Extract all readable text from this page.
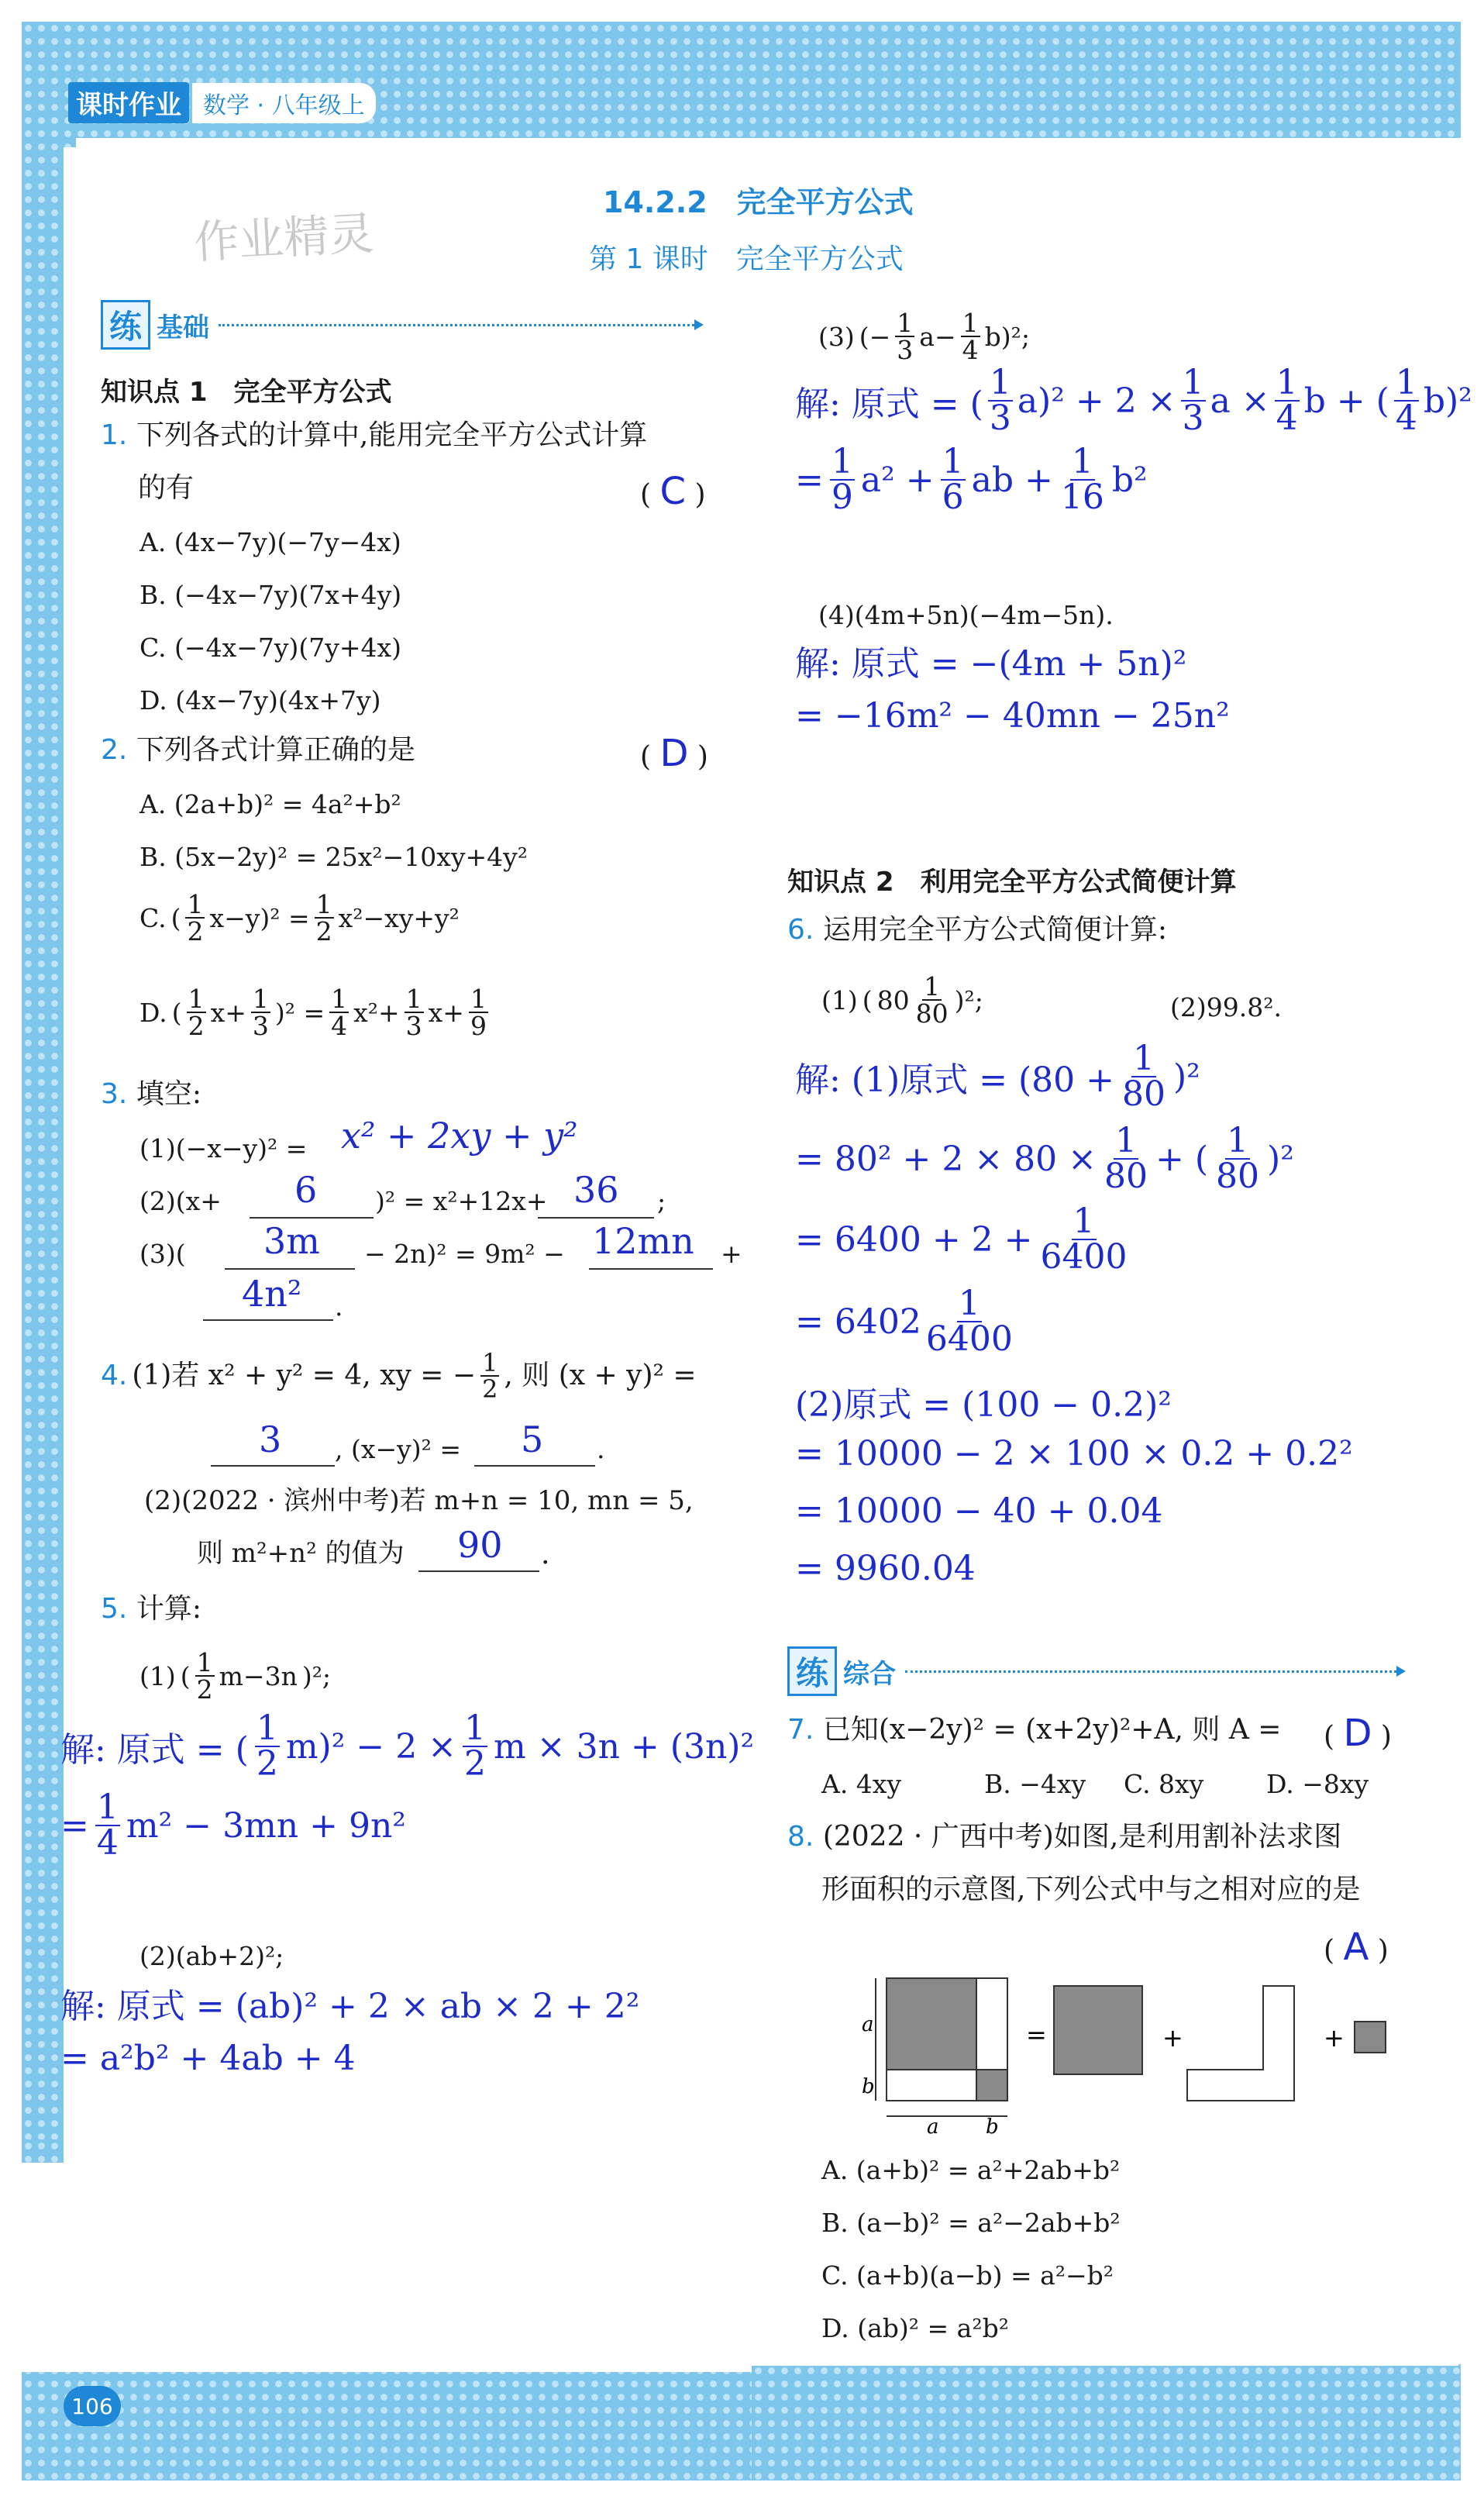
课时作业 数学 · 八年级上
作业精灵
14.2.2　完全平方公式
第 1 课时　完全平方公式
练 基础
知识点 1　完全平方公式
1. 下列各式的计算中,能用完全平方公式计算
的有	( C )
A. (4x−7y)(−7y−4x)
B. (−4x−7y)(7x+4y)
C. (−4x−7y)(7y+4x)
D. (4x−7y)(4x+7y)
2. 下列各式计算正确的是	( D )
A. (2a+b)² = 4a²+b²
B. (5x−2y)² = 25x²−10xy+4y²
C. ( $\frac{1}{2} x-y)^2 = \frac{1}{2} x^2-xy+y^2$
D. ( $\frac{1}{2} x+ \frac{1}{3} )^2 = \frac{1}{4} x^2+ \frac{1}{3} x+ \frac{1}{9}$
3. 填空:
(1)(−x−y)² = x² + 2xy + y²
(2)(x+ 6 )² = x²+12x+ 36 ;
(3)( 3m − 2n)² = 9m² − 12mn +
4n² .
4. (1)若 x² + y² = 4, xy = − $\frac{1}{2}$ , 则 (x + y)² =
3 , (x−y)² = 5 .
(2)(2022 · 滨州中考)若 m+n = 10, mn = 5,
则 m²+n² 的值为 90 .
5. 计算:
(1) ( $\frac{1}{2} m-3n$ )²;
解: 原式 = ( $\frac{1}{2} m)^2 - 2 \times \frac{1}{2}$ m × 3n + (3n)²
= $\frac{1}{4} m^2 - 3mn + 9n^2$
(2)(ab+2)²;
解: 原式 = (ab)² + 2 × ab × 2 + 2²
= a²b² + 4ab + 4
106
(3) (− $\frac{1}{3} a- \frac{1}{4} b)^2$;
解: 原式 = ( $\frac{1}{3} a)^2 + 2 \times \frac{1}{3}$ $a \times \frac{1}{4}$ b + ( $\frac{1}{4} b)^2$
= $\frac{1}{9} a^2 + \frac{1}{6}$ ab + $\frac{1}{16} b^2$
(4)(4m+5n)(−4m−5n).
解: 原式 = −(4m + 5n)²
= −16m² − 40mn − 25n²
知识点 2　利用完全平方公式简便计算
6. 运用完全平方公式简便计算:
(1) ( $80 \frac{1}{80} )^2$;	(2)99.8².
解: (1)原式 = $(80 + \frac{1}{80} )^2$
= $80^2 + 2 \times 80 \times \frac{1}{80}$ + ( $\frac{1}{80} )^2$
= $6400 + 2 + \frac{1}{6400}$
= $6402 \frac{1}{6400}$
(2)原式 = (100 − 0.2)²
= 10000 − 2 × 100 × 0.2 + 0.2²
= 10000 − 40 + 0.04
= 9960.04
练 综合
7. 已知(x−2y)² = (x+2y)²+A, 则 A = ( D )
A. 4xy	B. −4xy C. 8xy D. −8xy
8. (2022 · 广西中考)如图,是利用割补法求图
形面积的示意图,下列公式中与之相对应的是
( A )
a
b
a b
=	+	+
A. (a+b)² = a²+2ab+b²
B. (a−b)² = a²−2ab+b²
C. (a+b)(a−b) = a²−b²
D. (ab)² = a²b²
